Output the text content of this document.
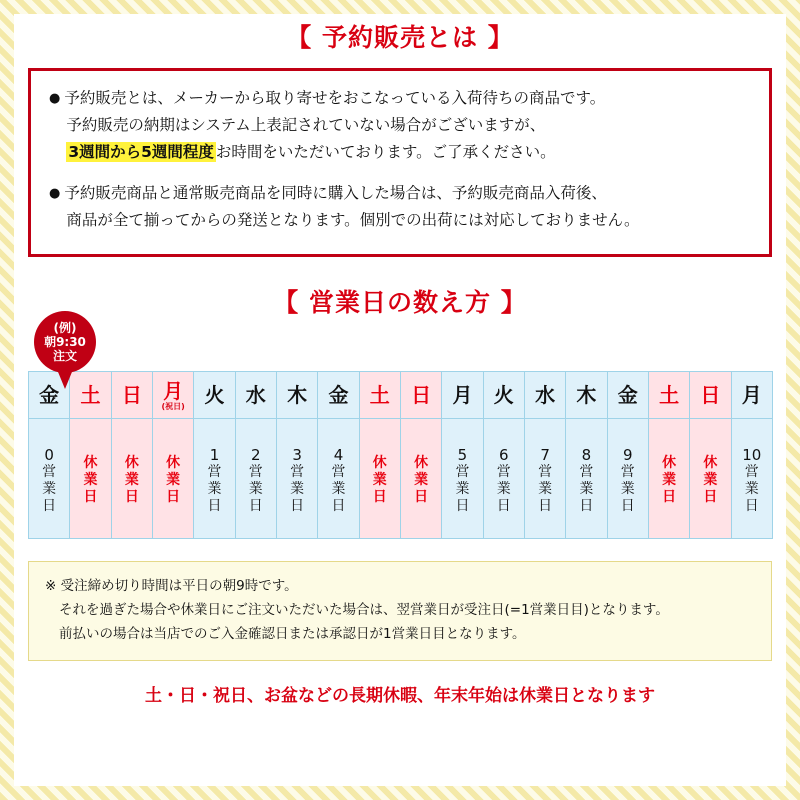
【 予約販売とは 】
● 予約販売とは、メーカーから取り寄せをおこなっている入荷待ちの商品です。
予約販売の納期はシステム上表記されていない場合がございますが、
3週間から5週間程度 お時間をいただいております。ご了承ください。
● 予約販売商品と通常販売商品を同時に購入した場合は、予約販売商品入荷後、
商品が全て揃ってからの発送となります。個別での出荷には対応しておりません。
【 営業日の数え方 】
(例)
朝9:30
注文
金
0
営
業
日
土
休
業
日
日
休
業
日
月
(祝日)
休
業
日
火
1
営
業
日
水
2
営
業
日
木
3
営
業
日
金
4
営
業
日
土
休
業
日
日
休
業
日
月
5
営
業
日
火
6
営
業
日
水
7
営
業
日
木
8
営
業
日
金
9
営
業
日
土
休
業
日
日
休
業
日
月
10
営
業
日
※ 受注締め切り時間は平日の朝9時です。
それを過ぎた場合や休業日にご注文いただいた場合は、翌営業日が受注日(=1営業日目)となります。
前払いの場合は当店でのご入金確認日または承認日が1営業日目となります。
土・日・祝日、お盆などの長期休暇、年末年始は休業日となります
